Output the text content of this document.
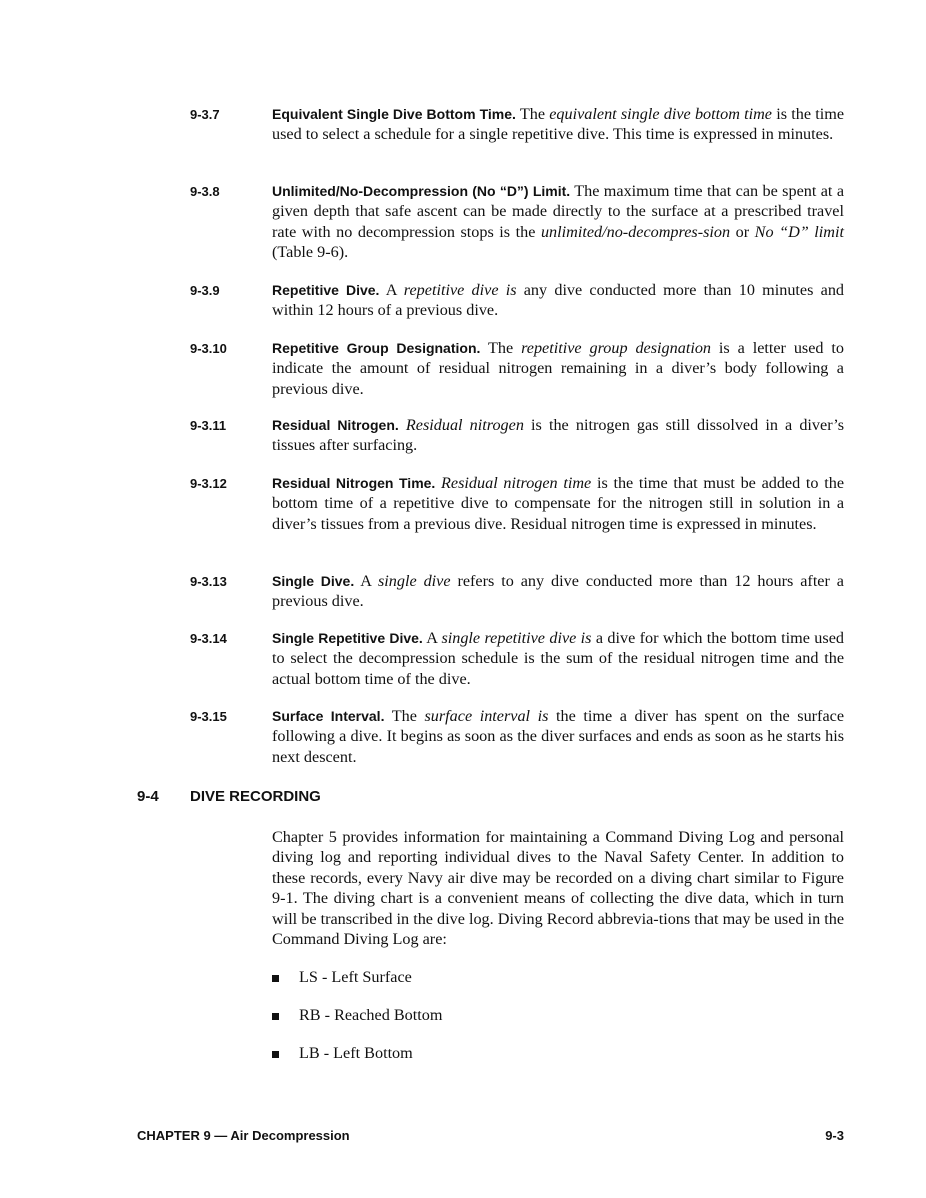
9-3.7	Equivalent Single Dive Bottom Time. The equivalent single dive bottom time is the time used to select a schedule for a single repetitive dive. This time is expressed in minutes.
9-3.8	Unlimited/No-Decompression (No “D”) Limit. The maximum time that can be spent at a given depth that safe ascent can be made directly to the surface at a prescribed travel rate with no decompression stops is the unlimited/no-decompres-sion or No “D” limit (Table 9-6).
9-3.9	Repetitive Dive. A repetitive dive is any dive conducted more than 10 minutes and within 12 hours of a previous dive.
9-3.10	Repetitive Group Designation. The repetitive group designation is a letter used to indicate the amount of residual nitrogen remaining in a diver’s body following a previous dive.
9-3.11	Residual Nitrogen. Residual nitrogen is the nitrogen gas still dissolved in a diver’s tissues after surfacing.
9-3.12	Residual Nitrogen Time. Residual nitrogen time is the time that must be added to the bottom time of a repetitive dive to compensate for the nitrogen still in solution in a diver’s tissues from a previous dive. Residual nitrogen time is expressed in minutes.
9-3.13	Single Dive. A single dive refers to any dive conducted more than 12 hours after a previous dive.
9-3.14	Single Repetitive Dive. A single repetitive dive is a dive for which the bottom time used to select the decompression schedule is the sum of the residual nitrogen time and the actual bottom time of the dive.
9-3.15	Surface Interval. The surface interval is the time a diver has spent on the surface following a dive. It begins as soon as the diver surfaces and ends as soon as he starts his next descent.
9-4 DIVE RECORDING
Chapter 5 provides information for maintaining a Command Diving Log and personal diving log and reporting individual dives to the Naval Safety Center. In addition to these records, every Navy air dive may be recorded on a diving chart similar to Figure 9-1. The diving chart is a convenient means of collecting the dive data, which in turn will be transcribed in the dive log. Diving Record abbrevia-tions that may be used in the Command Diving Log are:
LS - Left Surface
RB - Reached Bottom
LB - Left Bottom
CHAPTER 9 — Air Decompression	9-3
